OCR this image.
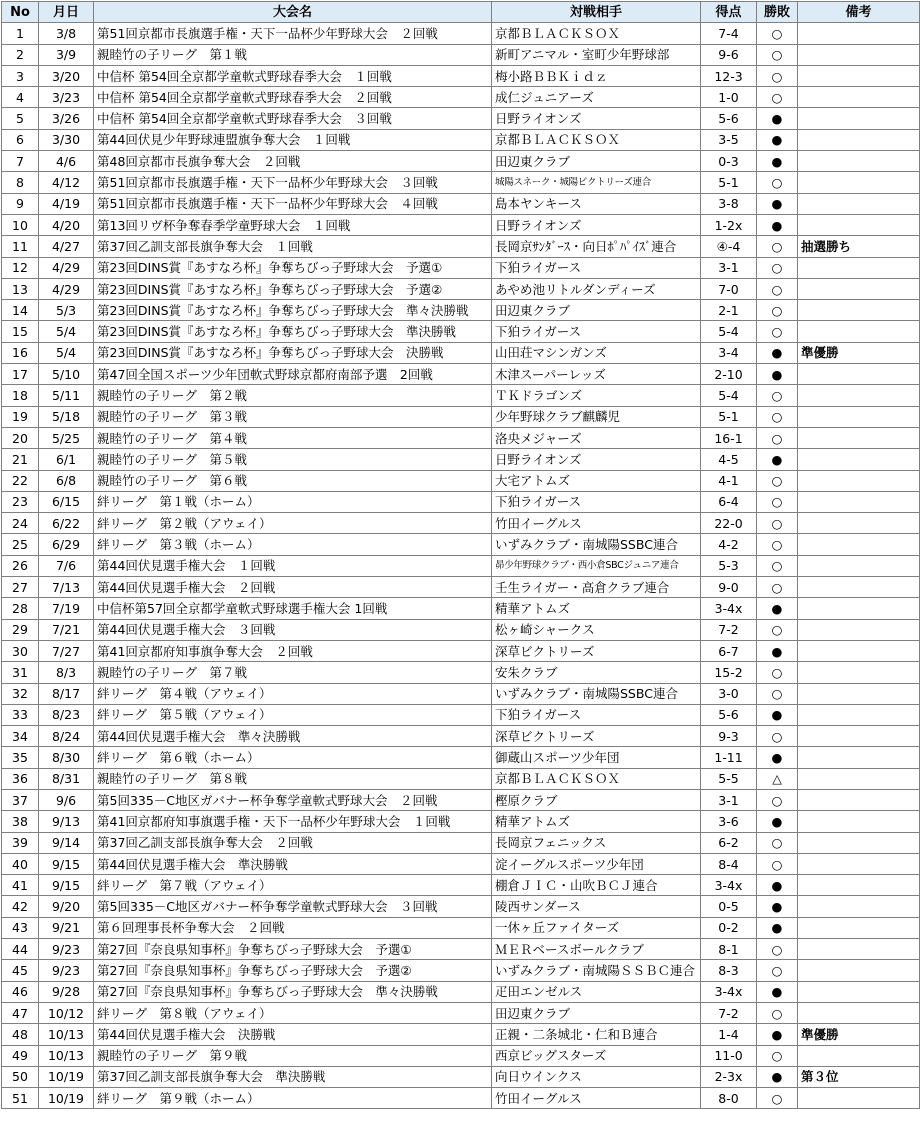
No	月日	大会名	対戦相手	得点	勝敗	備考
1	3/8	第51回京都市長旗選手権・天下一品杯少年野球大会　２回戦	京都ＢＬＡＣＫＳＯＸ	7-4	○	
2	3/9	親睦竹の子リーグ　第１戦	新町アニマル・室町少年野球部	9-6	○	
3	3/20	中信杯 第54回全京都学童軟式野球春季大会　１回戦	梅小路ＢＢＫｉｄｚ	12-3	○	
4	3/23	中信杯 第54回全京都学童軟式野球春季大会　２回戦	成仁ジュニアーズ	1-0	○	
5	3/26	中信杯 第54回全京都学童軟式野球春季大会　３回戦	日野ライオンズ	5-6	●	
6	3/30	第44回伏見少年野球連盟旗争奪大会　１回戦	京都ＢＬＡＣＫＳＯＸ	3-5	●	
7	4/6	第48回京都市長旗争奪大会　２回戦	田辺東クラブ	0-3	●	
8	4/12	第51回京都市長旗選手権・天下一品杯少年野球大会　３回戦	城陽スネーク・城陽ビクトリーズ連合	5-1	○	
9	4/19	第51回京都市長旗選手権・天下一品杯少年野球大会　４回戦	島本ヤンキース	3-8	●	
10	4/20	第13回リヴ杯争奪春季学童野球大会　１回戦	日野ライオンズ	1-2x	●	
11	4/27	第37回乙訓支部長旗争奪大会　１回戦	長岡京ｻﾝﾀﾞｰｽ・向日ﾎﾟﾊﾟｲｽﾞ連合	④-4	○	抽選勝ち
12	4/29	第23回DINS賞『あすなろ杯』争奪ちびっ子野球大会　予選①	下狛ライガース	3-1	○	
13	4/29	第23回DINS賞『あすなろ杯』争奪ちびっ子野球大会　予選②	あやめ池リトルダンディーズ	7-0	○	
14	5/3	第23回DINS賞『あすなろ杯』争奪ちびっ子野球大会　準々決勝戦	田辺東クラブ	2-1	○	
15	5/4	第23回DINS賞『あすなろ杯』争奪ちびっ子野球大会　準決勝戦	下狛ライガース	5-4	○	
16	5/4	第23回DINS賞『あすなろ杯』争奪ちびっ子野球大会　決勝戦	山田荘マシンガンズ	3-4	●	準優勝
17	5/10	第47回全国スポーツ少年団軟式野球京都府南部予選　2回戦	木津スーパーレッズ	2-10	●	
18	5/11	親睦竹の子リーグ　第２戦	ＴＫドラゴンズ	5-4	○	
19	5/18	親睦竹の子リーグ　第３戦	少年野球クラブ麒麟児	5-1	○	
20	5/25	親睦竹の子リーグ　第４戦	洛央メジャーズ	16-1	○	
21	6/1	親睦竹の子リーグ　第５戦	日野ライオンズ	4-5	●	
22	6/8	親睦竹の子リーグ　第６戦	大宅アトムズ	4-1	○	
23	6/15	絆リーグ　第１戦（ホーム）	下狛ライガース	6-4	○	
24	6/22	絆リーグ　第２戦（アウェイ）	竹田イーグルス	22-0	○	
25	6/29	絆リーグ　第３戦（ホーム）	いずみクラブ・南城陽SSBC連合	4-2	○	
26	7/6	第44回伏見選手権大会　１回戦	昴少年野球クラブ・西小倉SBCジュニア連合	5-3	○	
27	7/13	第44回伏見選手権大会　２回戦	壬生ライガー・高倉クラブ連合	9-0	○	
28	7/19	中信杯第57回全京都学童軟式野球選手権大会 1回戦	精華アトムズ	3-4x	●	
29	7/21	第44回伏見選手権大会　３回戦	松ヶ崎シャークス	7-2	○	
30	7/27	第41回京都府知事旗争奪大会　２回戦	深草ビクトリーズ	6-7	●	
31	8/3	親睦竹の子リーグ　第７戦	安朱クラブ	15-2	○	
32	8/17	絆リーグ　第４戦（アウェイ）	いずみクラブ・南城陽SSBC連合	3-0	○	
33	8/23	絆リーグ　第５戦（アウェイ）	下狛ライガース	5-6	●	
34	8/24	第44回伏見選手権大会　準々決勝戦	深草ビクトリーズ	9-3	○	
35	8/30	絆リーグ　第６戦（ホーム）	御蔵山スポーツ少年団	1-11	●	
36	8/31	親睦竹の子リーグ　第８戦	京都ＢＬＡＣＫＳＯＸ	5-5	△	
37	9/6	第5回335－C地区ガバナー杯争奪学童軟式野球大会　２回戦	樫原クラブ	3-1	○	
38	9/13	第41回京都府知事旗選手権・天下一品杯少年野球大会　１回戦	精華アトムズ	3-6	●	
39	9/14	第37回乙訓支部長旗争奪大会　２回戦	長岡京フェニックス	6-2	○	
40	9/15	第44回伏見選手権大会　準決勝戦	淀イーグルスポーツ少年団	8-4	○	
41	9/15	絆リーグ　第７戦（アウェイ）	棚倉ＪＩＣ・山吹ＢＣＪ連合	3-4x	●	
42	9/20	第5回335－C地区ガバナー杯争奪学童軟式野球大会　３回戦	陵西サンダース	0-5	●	
43	9/21	第６回理事長杯争奪大会　２回戦	一休ヶ丘ファイターズ	0-2	●	
44	9/23	第27回『奈良県知事杯』争奪ちびっ子野球大会　予選①	ＭＥＲベースボールクラブ	8-1	○	
45	9/23	第27回『奈良県知事杯』争奪ちびっ子野球大会　予選②	いずみクラブ・南城陽ＳＳＢＣ連合	8-3	○	
46	9/28	第27回『奈良県知事杯』争奪ちびっ子野球大会　準々決勝戦	疋田エンゼルス	3-4x	●	
47	10/12	絆リーグ　第８戦（アウェイ）	田辺東クラブ	7-2	○	
48	10/13	第44回伏見選手権大会　決勝戦	正親・二条城北・仁和Ｂ連合	1-4	●	準優勝
49	10/13	親睦竹の子リーグ　第９戦	西京ビッグスターズ	11-0	○	
50	10/19	第37回乙訓支部長旗争奪大会　準決勝戦	向日ウインクス	2-3x	●	第３位
51	10/19	絆リーグ　第９戦（ホーム）	竹田イーグルス	8-0	○	
